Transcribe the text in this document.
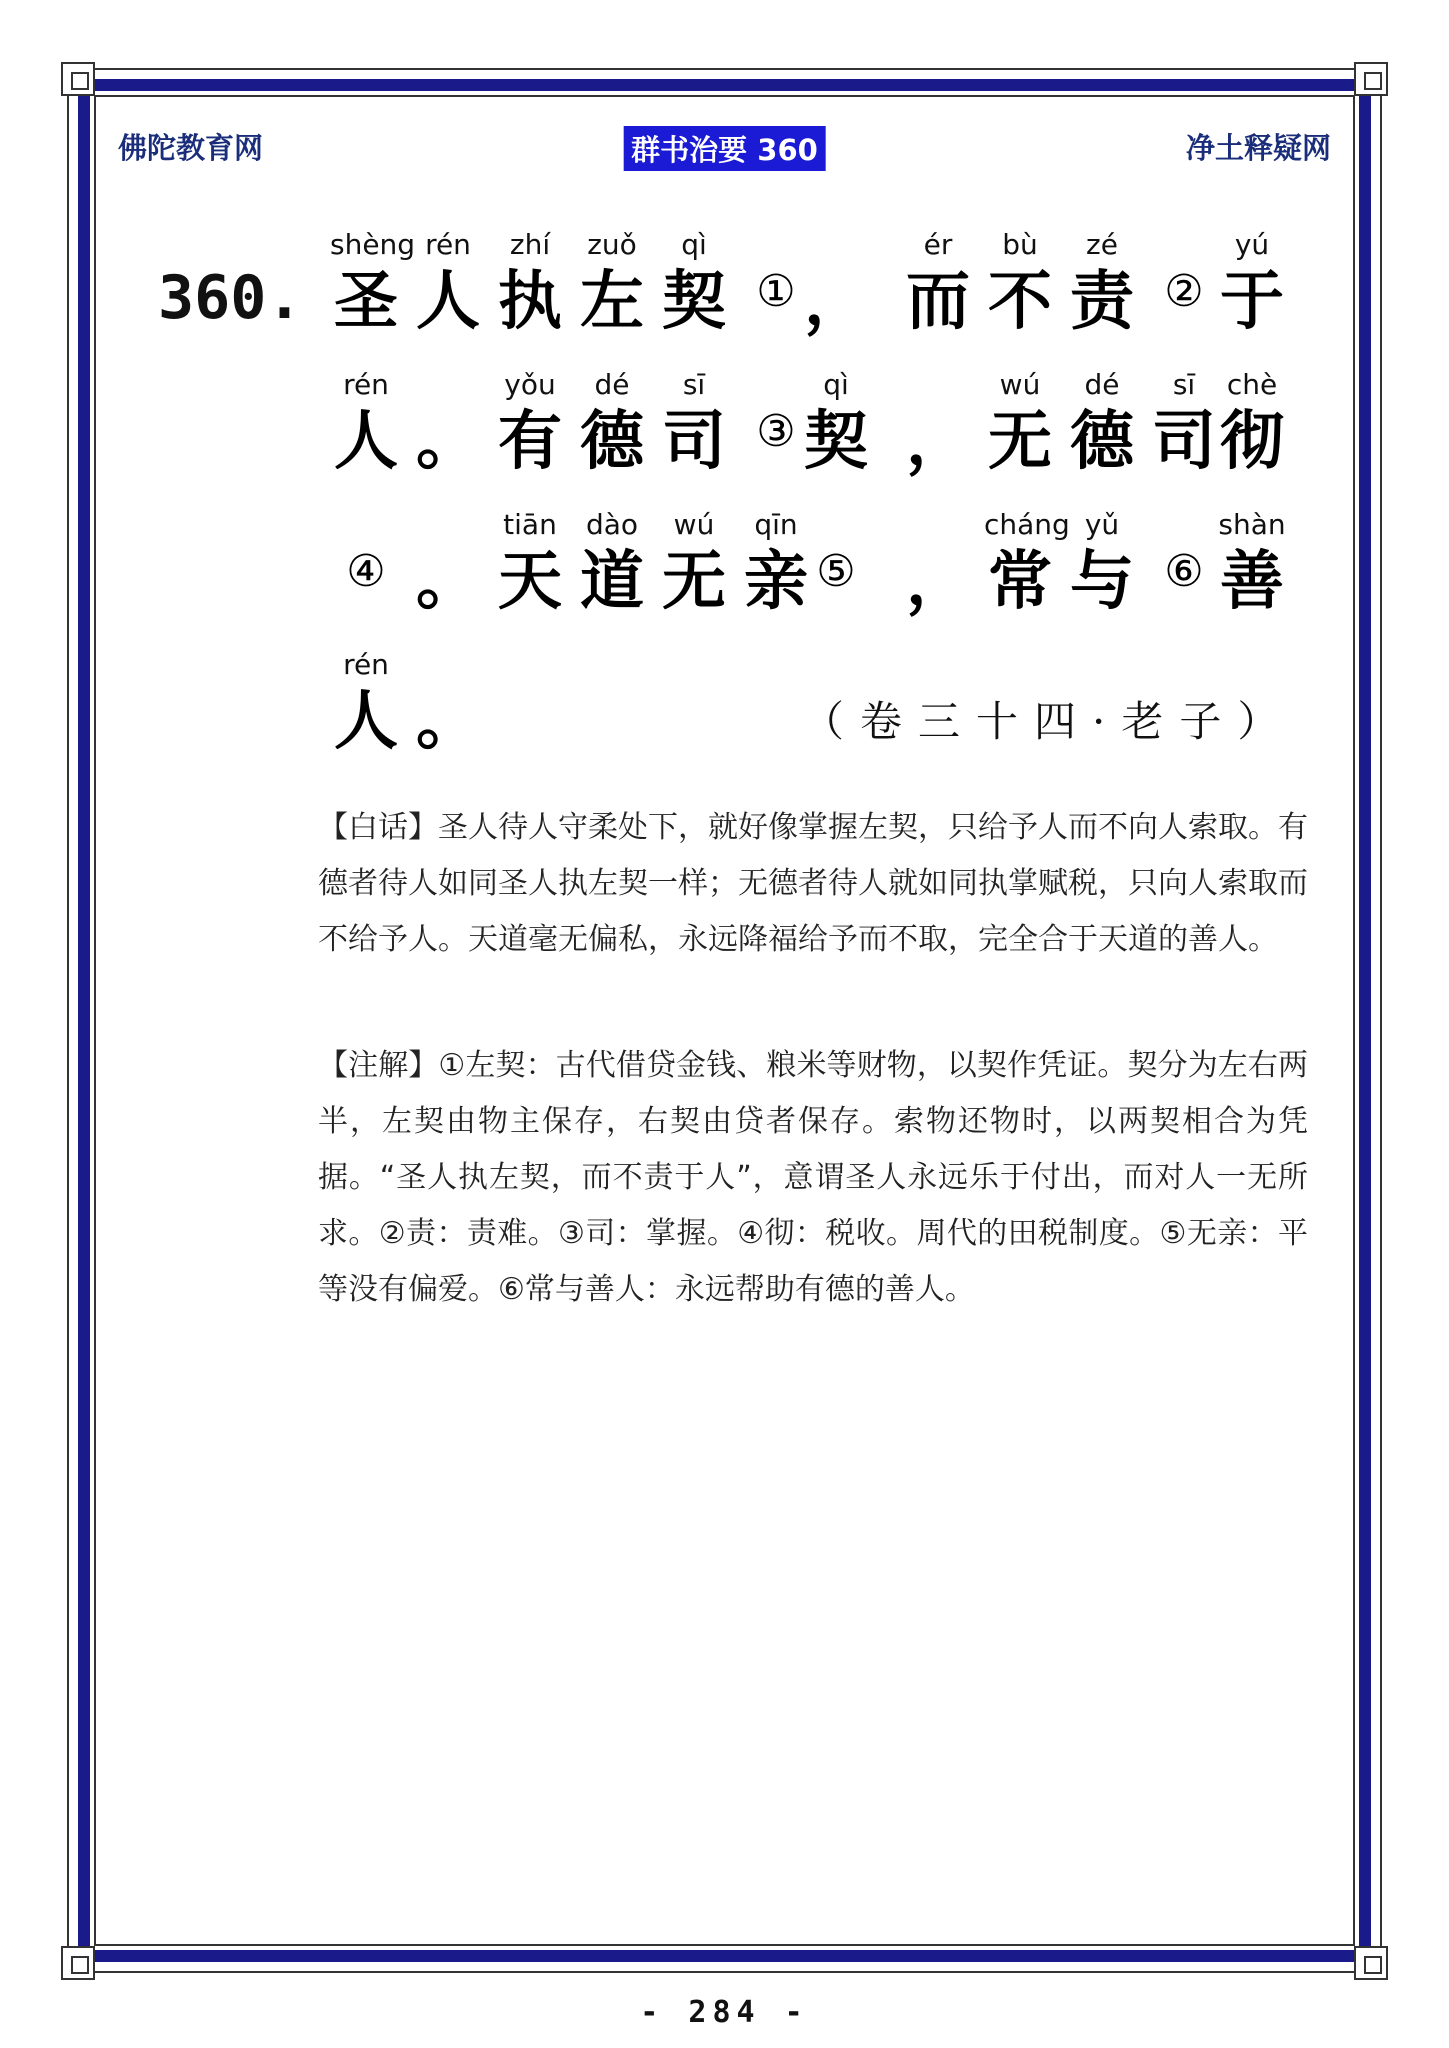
佛陀教育网	群书治要 360	净土释疑网
360.
shèng
圣
rén
人
zhí
执
zuǒ
左
qì
契 ① ，
ér
而
bù
不
zé
责 ②
yú
于
rén
人 。
yǒu
有
dé
德
sī
司 ③
qì
契 ，
wú
无
dé
德
sī
司
chè
彻
④ 。
tiān
天
dào
道
wú
无
qīn
亲 ⑤ ，
cháng
常
yǔ
与 ⑥
shàn
善
（卷三十四·老子）
rén
人 。
【白话】圣人待人守柔处下，就好像掌握左契，只给予人而不向人索取。有德者待人如同圣人执左契一样；无德者待人就如同执掌赋税，只向人索取而不给予人。天道毫无偏私，永远降福给予而不取，完全合于天道的善人。
【注解】①左契：古代借贷金钱、粮米等财物，以契作凭证。契分为左右两半，左契由物主保存，右契由贷者保存。索物还物时，以两契相合为凭据。“圣人执左契，而不责于人”，意谓圣人永远乐于付出，而对人一无所求。②责：责难。③司：掌握。④彻：税收。周代的田税制度。⑤无亲：平等没有偏爱。⑥常与善人：永远帮助有德的善人。
- 284 -
